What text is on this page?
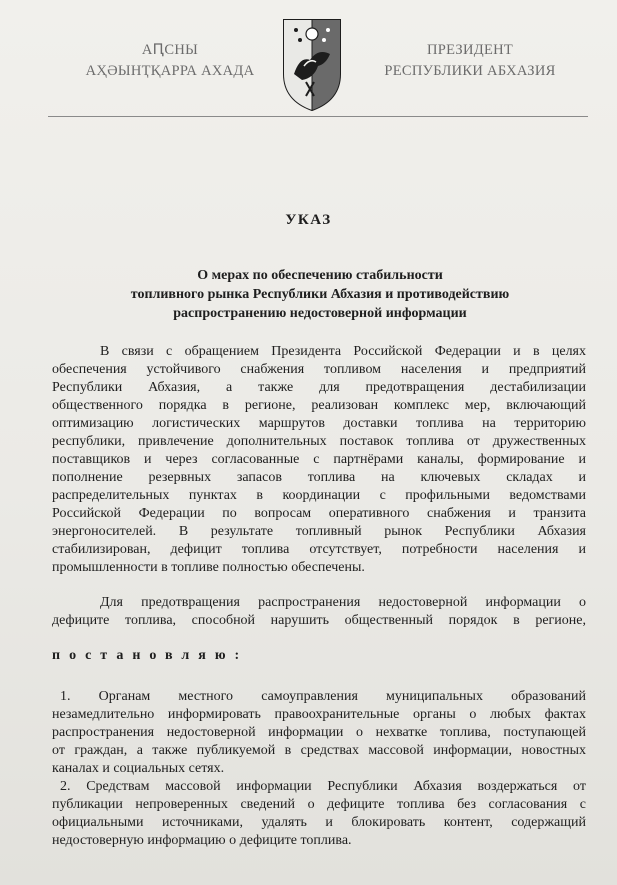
АԤСНЫ
АҲӘЫНҬҚАРРА АХАДА
ПРЕЗИДЕНТ
РЕСПУБЛИКИ АБХАЗИЯ
УКАЗ
О мерах по обеспечению стабильности
топливного рынка Республики Абхазия и противодействию
распространению недостоверной информации
В связи с обращением Президента Российской Федерации и в целях
обеспечения устойчивого снабжения топливом населения и предприятий
Республики Абхазия, а также для предотвращения дестабилизации
общественного порядка в регионе, реализован комплекс мер, включающий
оптимизацию логистических маршрутов доставки топлива на территорию
республики, привлечение дополнительных поставок топлива от дружественных
поставщиков и через согласованные с партнёрами каналы, формирование и
пополнение резервных запасов топлива на ключевых складах и
распределительных пунктах в координации с профильными ведомствами
Российской Федерации по вопросам оперативного снабжения и транзита
энергоносителей. В результате топливный рынок Республики Абхазия
стабилизирован, дефицит топлива отсутствует, потребности населения и
промышленности в топливе полностью обеспечены.
Для предотвращения распространения недостоверной информации о
дефиците топлива, способной нарушить общественный порядок в регионе,
постановляю:
1. Органам местного самоуправления муниципальных образований
незамедлительно информировать правоохранительные органы о любых фактах
распространения недостоверной информации о нехватке топлива, поступающей
от граждан, а также публикуемой в средствах массовой информации, новостных
каналах и социальных сетях.
2. Средствам массовой информации Республики Абхазия воздержаться от
публикации непроверенных сведений о дефиците топлива без согласования с
официальными источниками, удалять и блокировать контент, содержащий
недостоверную информацию о дефиците топлива.
